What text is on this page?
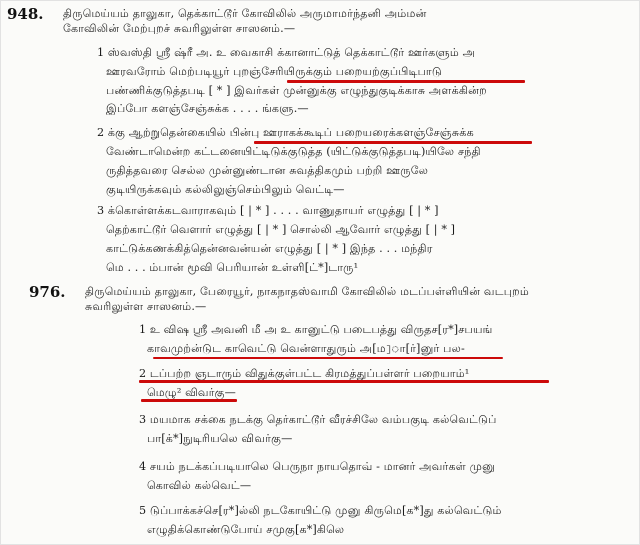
948. திருமெய்யம் தாலுகா, தெக்காட்டூர் கோவிலில் அருமாமர்ந்தனி அம்மன்
கோவிலின் மேற்புறச் சுவரிலுள்ள சாஸனம்.—
1 ஸ்வஸ்தி ஸ்ரீ ஷ்ரீ அ. உ வைகாசி க்கானாட்டுத் தெக்காட்டூர் ஊர்களும் அ
ஊரவரோம் மெற்படியூர் புறஞ்சேரியிருக்கும் பறையற்குப்பிடிபாடு
பண்ணிக்குடுத்தபடி [ * ] இவர்கள் முன்னுக்கு எழுந்துகுடிக்காசு அளக்கின்ற
இப்போ களஞ்சேஞ்சுக்க . . . . ங்களு.—
2 க்கு ஆற்றுதென்கையில் பின்பு ஊராகக்கூடிப் பறையரைக்களஞ்சேஞ்சுக்க
வேண்டாமென்ற கட்டனையிட்டிடுக்குடுத்த (யிட்டுக்குடுத்தபடி)யிலே சந்தி
ருதித்தவரை செல்ல முன்னுண்டான சுவத்திகமும் பற்றி ஊருலே
குடியிருக்கவும் கல்லிலுஞ்செம்பிலும் வெட்டி—
3 க்கொள்ளக்கடவாராகவும் [ | * ] . . . . வாணுதாயர் எழுத்து [ | * ]
தெற்காட்டூர் வெளார் எழுத்து [ | * ] சொல்லி ஆவோர் எழுத்து [ | * ]
காட்டுக்கணக்கித்தென்னவன்யன் எழுத்து [ | * ] இந்த . . . மந்திர
மெ . . . ம்பான் மூவி பெரியான் உள்ளி[ட்*]டாரு¹
976. திருமெய்யம் தாலுகா, பேரையூர், நாகநாதஸ்வாமி கோவிலில் மடப்பள்ளியின் வடபுறம்
சுவரிலுள்ள சாஸனம்.—
1 உ விஷ ஸ்ரீ அவனி மீ அ உ கானுட்டு படைபத்து விருதச[ர*]சபயங்
காவமுற்ன்டுட காவெட்டு வென்ளாதுரும் அ[ம]ா[ர்]னுர் பல-
2 டப்பற்ற ஞடாரும் விதுக்குள்பட்ட கிரமத்துப்பள்ளர் பறையாம்¹
மெழு² விவர்கு—
3 மயமாக சக்கை நடக்கு தெர்காட்டூர் வீரச்சிலே வம்பகுடி கல்வெட்டுப்
பா[க்*]நுடிரியலெ விவர்கு—
4 சயம் நடக்கப்படியாலெ பெருநா நாயதொவ் - மானர் அவர்கள் முனு
கொவில் கல்வெட்—
5 டுப்பாக்கச்செ[ர*]ல்லி நடகோயிட்டு முனு கிருமெ[க*]து கல்வெட்டும்
எழுதிக்கொண்டுபோய் சமுகு[க*]கிலெ
